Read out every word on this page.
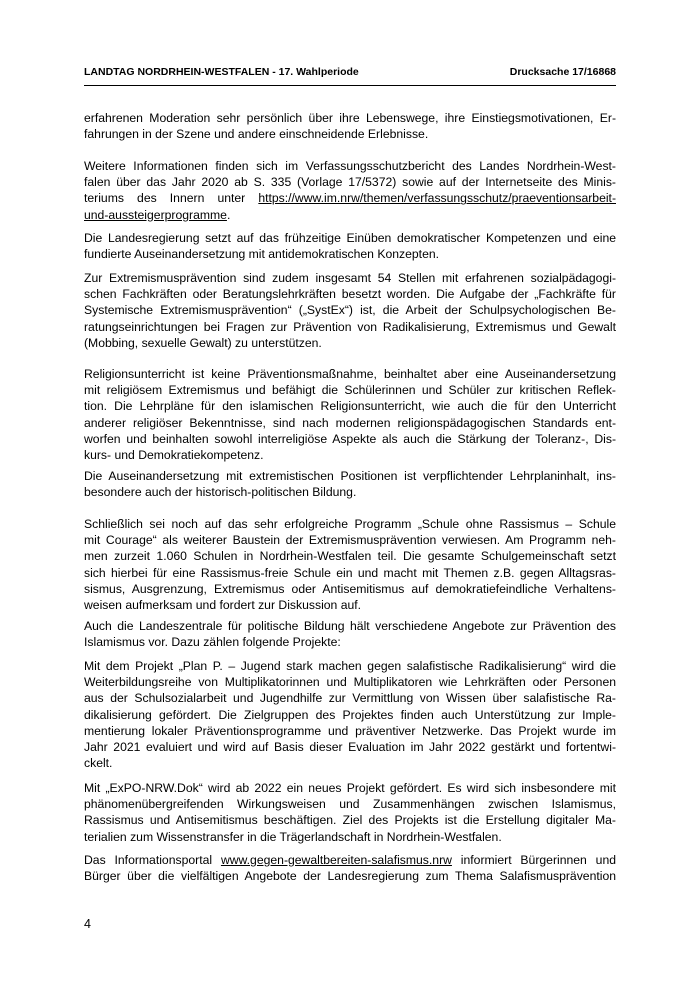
LANDTAG NORDRHEIN-WESTFALEN - 17. Wahlperiode	Drucksache 17/16868
erfahrenen Moderation sehr persönlich über ihre Lebenswege, ihre Einstiegsmotivationen, Er-
fahrungen in der Szene und andere einschneidende Erlebnisse.
Weitere Informationen finden sich im Verfassungsschutzbericht des Landes Nordrhein-West-
falen über das Jahr 2020 ab S. 335 (Vorlage 17/5372) sowie auf der Internetseite des Minis-
teriums des Innern unter https://www.im.nrw/themen/verfassungsschutz/praeventionsarbeit-
und-aussteigerprogramme.
Die Landesregierung setzt auf das frühzeitige Einüben demokratischer Kompetenzen und eine
fundierte Auseinandersetzung mit antidemokratischen Konzepten.
Zur Extremismusprävention sind zudem insgesamt 54 Stellen mit erfahrenen sozialpädagogi-
schen Fachkräften oder Beratungslehrkräften besetzt worden. Die Aufgabe der „Fachkräfte für
Systemische Extremismusprävention“ („SystEx“) ist, die Arbeit der Schulpsychologischen Be-
ratungseinrichtungen bei Fragen zur Prävention von Radikalisierung, Extremismus und Gewalt
(Mobbing, sexuelle Gewalt) zu unterstützen.
Religionsunterricht ist keine Präventionsmaßnahme, beinhaltet aber eine Auseinandersetzung
mit religiösem Extremismus und befähigt die Schülerinnen und Schüler zur kritischen Reflek-
tion. Die Lehrpläne für den islamischen Religionsunterricht, wie auch die für den Unterricht
anderer religiöser Bekenntnisse, sind nach modernen religionspädagogischen Standards ent-
worfen und beinhalten sowohl interreligiöse Aspekte als auch die Stärkung der Toleranz-, Dis-
kurs- und Demokratiekompetenz.
Die Auseinandersetzung mit extremistischen Positionen ist verpflichtender Lehrplaninhalt, ins-
besondere auch der historisch-politischen Bildung.
Schließlich sei noch auf das sehr erfolgreiche Programm „Schule ohne Rassismus – Schule
mit Courage“ als weiterer Baustein der Extremismusprävention verwiesen. Am Programm neh-
men zurzeit 1.060 Schulen in Nordrhein-Westfalen teil. Die gesamte Schulgemeinschaft setzt
sich hierbei für eine Rassismus-freie Schule ein und macht mit Themen z.B. gegen Alltagsras-
sismus, Ausgrenzung, Extremismus oder Antisemitismus auf demokratiefeindliche Verhaltens-
weisen aufmerksam und fordert zur Diskussion auf.
Auch die Landeszentrale für politische Bildung hält verschiedene Angebote zur Prävention des
Islamismus vor. Dazu zählen folgende Projekte:
Mit dem Projekt „Plan P. – Jugend stark machen gegen salafistische Radikalisierung“ wird die
Weiterbildungsreihe von Multiplikatorinnen und Multiplikatoren wie Lehrkräften oder Personen
aus der Schulsozialarbeit und Jugendhilfe zur Vermittlung von Wissen über salafistische Ra-
dikalisierung gefördert. Die Zielgruppen des Projektes finden auch Unterstützung zur Imple-
mentierung lokaler Präventionsprogramme und präventiver Netzwerke. Das Projekt wurde im
Jahr 2021 evaluiert und wird auf Basis dieser Evaluation im Jahr 2022 gestärkt und fortentwi-
ckelt.
Mit „ExPO-NRW.Dok“ wird ab 2022 ein neues Projekt gefördert. Es wird sich insbesondere mit
phänomenübergreifenden Wirkungsweisen und Zusammenhängen zwischen Islamismus,
Rassismus und Antisemitismus beschäftigen. Ziel des Projekts ist die Erstellung digitaler Ma-
terialien zum Wissenstransfer in die Trägerlandschaft in Nordrhein-Westfalen.
Das Informationsportal www.gegen-gewaltbereiten-salafismus.nrw informiert Bürgerinnen und
Bürger über die vielfältigen Angebote der Landesregierung zum Thema Salafismusprävention
4
